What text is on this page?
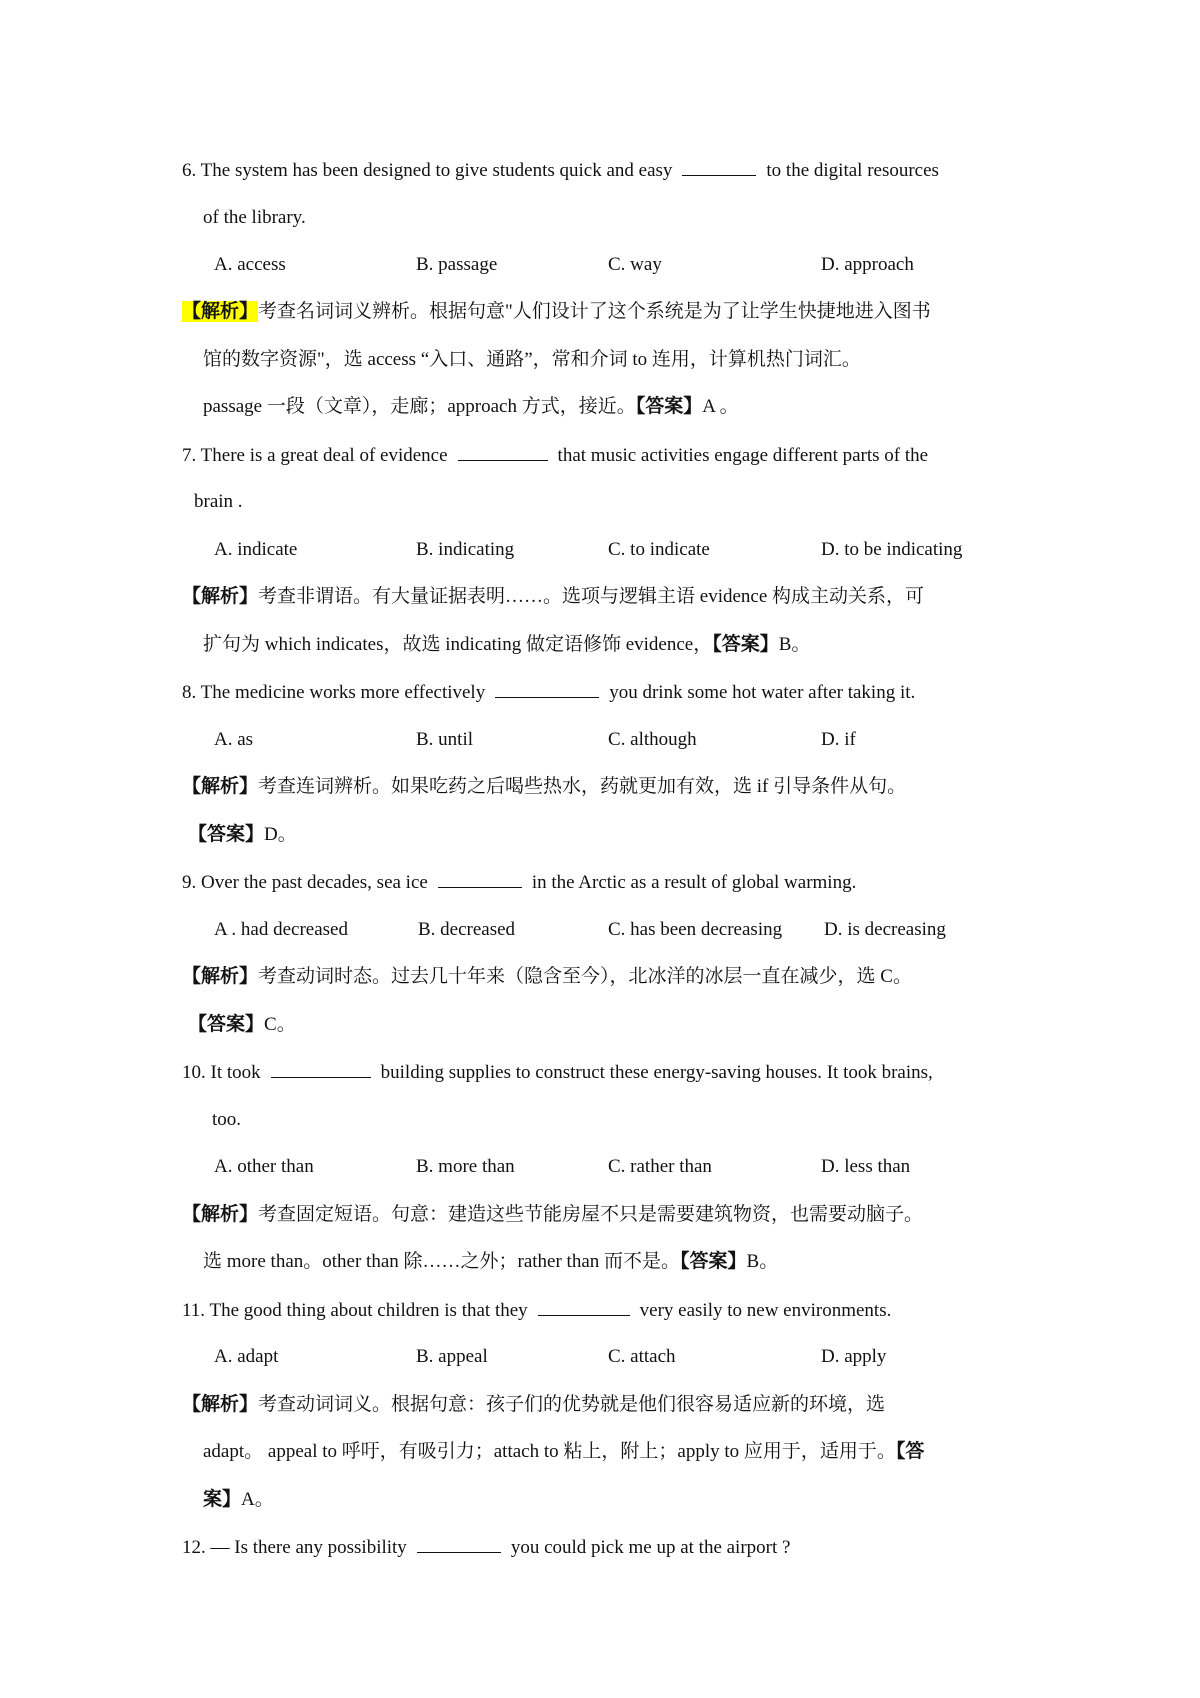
6. The system has been designed to give students quick and easy	to the digital resources
of the library.
A. access	B. passage	C. way	D. approach
【解析】考查名词词义辨析。根据句意"人们设计了这个系统是为了让学生快捷地进入图书
馆的数字资源"，选 access “入口、通路”，常和介词 to 连用，计算机热门词汇。
passage 一段（文章），走廊；approach 方式，接近。【答案】A 。
7. There is a great deal of evidence	that music activities engage different parts of the
brain .
A. indicate	B. indicating	C. to indicate	D. to be indicating
【解析】考查非谓语。有大量证据表明……。选项与逻辑主语 evidence 构成主动关系，可
扩句为 which indicates，故选 indicating 做定语修饰 evidence，【答案】B。
8. The medicine works more effectively	you drink some hot water after taking it.
A. as	B. until	C. although	D. if
【解析】考查连词辨析。如果吃药之后喝些热水，药就更加有效，选 if 引导条件从句。
【答案】D。
9. Over the past decades, sea ice	in the Arctic as a result of global warming.
A . had decreased	B. decreased	C. has been decreasing D. is decreasing
【解析】考查动词时态。过去几十年来（隐含至今），北冰洋的冰层一直在减少，选 C。
【答案】C。
10. It took	building supplies to construct these energy-saving houses. It took brains,
too.
A. other than	B. more than	C. rather than	D. less than
【解析】考查固定短语。句意：建造这些节能房屋不只是需要建筑物资，也需要动脑子。
选 more than。other than 除……之外；rather than 而不是。【答案】B。
11. The good thing about children is that they	very easily to new environments.
A. adapt	B. appeal	C. attach	D. apply
【解析】考查动词词义。根据句意：孩子们的优势就是他们很容易适应新的环境，选
adapt。 appeal to 呼吁，有吸引力；attach to 粘上，附上；apply to 应用于，适用于。【答
案】A。
12. — Is there any possibility	you could pick me up at the airport ?
